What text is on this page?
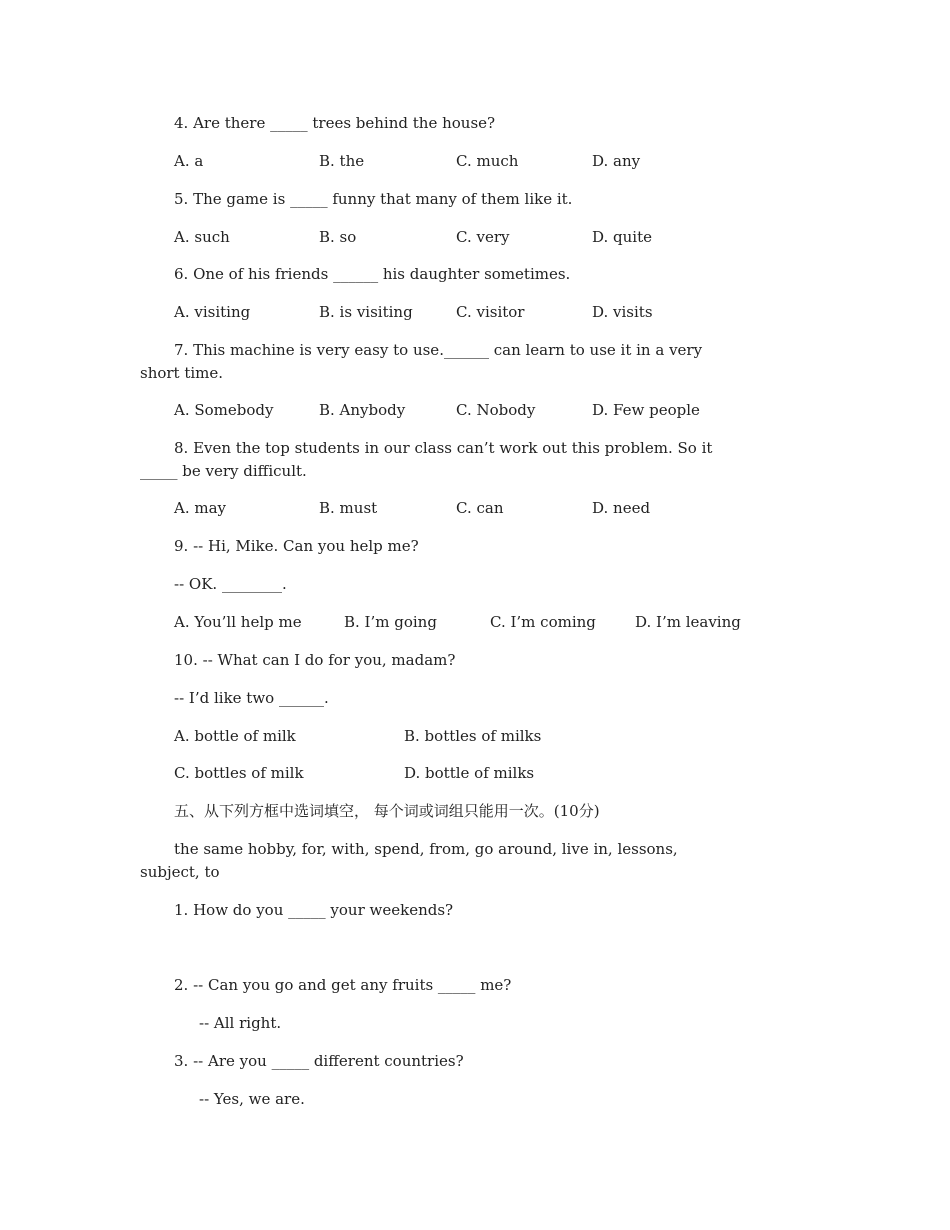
4. Are there _____ trees behind the house?
A. a	B. the	C. much	D. any
5. The game is _____ funny that many of them like it.
A. such	B. so	C. very	D. quite
6. One of his friends ______ his daughter sometimes.
A. visiting	B. is visiting	C. visitor	D. visits
7. This machine is very easy to use.______ can learn to use it in a very
short time.
A. Somebody	B. Anybody	C. Nobody	D. Few people
8. Even the top students in our class can’t work out this problem. So it
_____ be very difficult.
A. may	B. must	C. can	D. need
9. -- Hi, Mike. Can you help me?
-- OK. ________.
A. You’ll help me	B. I’m going	C. I’m coming	D. I’m leaving
10. -- What can I do for you, madam?
-- I’d like two ______.
A. bottle of milk	B. bottles of milks
C. bottles of milk	D. bottle of milks
五、从下列方框中选词填空， 每个词或词组只能用一次。(10分)
the same hobby, for, with, spend, from, go around, live in, lessons,
subject, to
1. How do you _____ your weekends?
2. -- Can you go and get any fruits _____ me?
-- All right.
3. -- Are you _____ different countries?
-- Yes, we are.
